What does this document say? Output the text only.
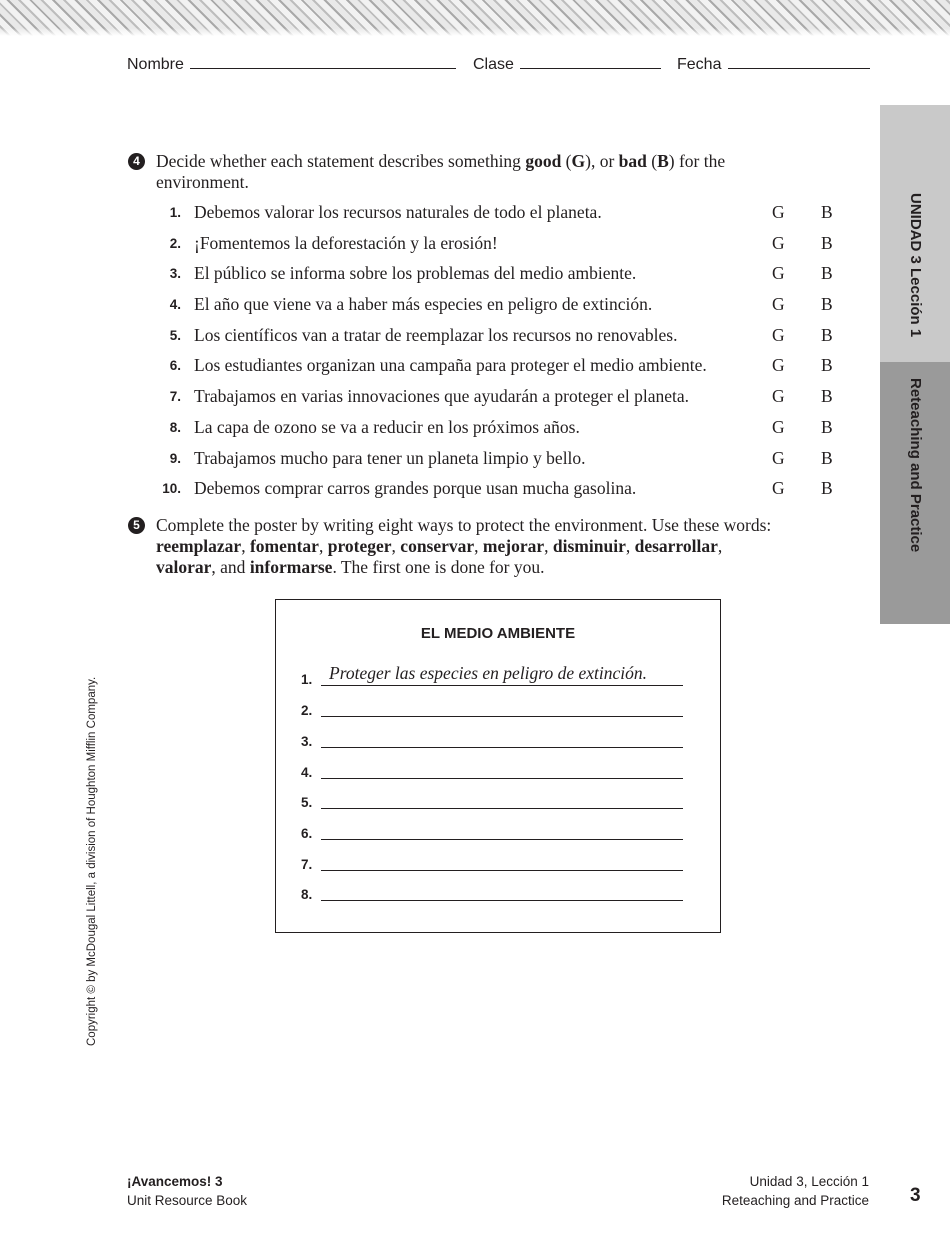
Nombre	Clase	Fecha
UNIDAD 3 Lección 1
Reteaching and Practice
4 Decide whether each statement describes something good (G), or bad (B) for the environment.
1. Debemos valorar los recursos naturales de todo el planeta.	G B
2. ¡Fomentemos la deforestación y la erosión!	G B
3. El público se informa sobre los problemas del medio ambiente.	G B
4. El año que viene va a haber más especies en peligro de extinción.	G B
5. Los científicos van a tratar de reemplazar los recursos no renovables.	G B
6. Los estudiantes organizan una campaña para proteger el medio ambiente.	G B
7. Trabajamos en varias innovaciones que ayudarán a proteger el planeta.	G B
8. La capa de ozono se va a reducir en los próximos años.	G B
9. Trabajamos mucho para tener un planeta limpio y bello.	G B
10. Debemos comprar carros grandes porque usan mucha gasolina.	G B
5 Complete the poster by writing eight ways to protect the environment. Use these words: reemplazar, fomentar, proteger, conservar, mejorar, disminuir, desarrollar, valorar, and informarse. The first one is done for you.
EL MEDIO AMBIENTE
1. Proteger las especies en peligro de extinción.
2.
3.
4.
5.
6.
7.
8.
Copyright © by McDougal Littell, a division of Houghton Mifflin Company.
¡Avancemos! 3
Unit Resource Book
Unidad 3, Lección 1
Reteaching and Practice 3
